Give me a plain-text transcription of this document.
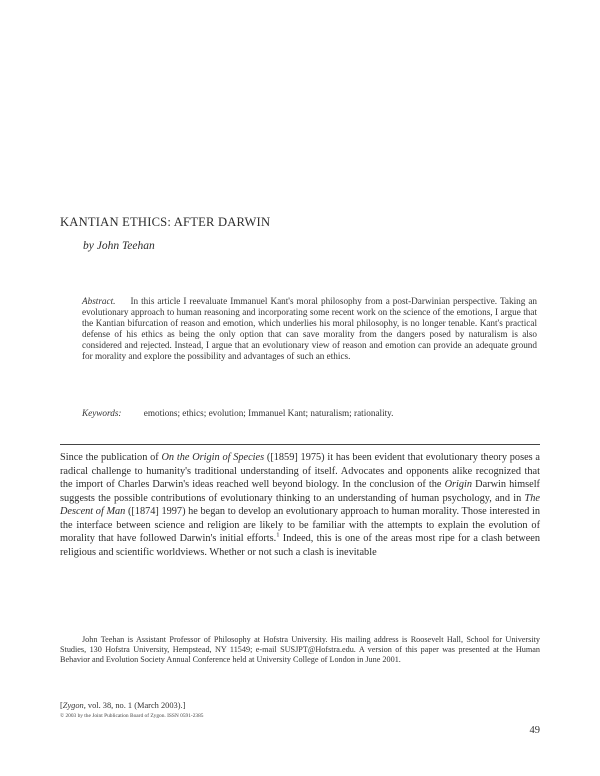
KANTIAN ETHICS: AFTER DARWIN
by John Teehan
Abstract. In this article I reevaluate Immanuel Kant's moral philosophy from a post-Darwinian perspective. Taking an evolutionary approach to human reasoning and incorporating some recent work on the science of the emotions, I argue that the Kantian bifurcation of reason and emotion, which underlies his moral philosophy, is no longer tenable. Kant's practical defense of his ethics as being the only option that can save morality from the dangers posed by naturalism is also considered and rejected. Instead, I argue that an evolutionary view of reason and emotion can provide an adequate ground for morality and explore the possibility and advantages of such an ethics.
Keywords: emotions; ethics; evolution; Immanuel Kant; naturalism; rationality.

Since the publication of On the Origin of Species ([1859] 1975) it has been evident that evolutionary theory poses a radical challenge to humanity's traditional understanding of itself. Advocates and opponents alike recognized that the import of Charles Darwin's ideas reached well beyond biology. In the conclusion of the Origin Darwin himself suggests the possible contributions of evolutionary thinking to an understanding of human psychology, and in The Descent of Man ([1874] 1997) he began to develop an evolutionary approach to human morality. Those interested in the interface between science and religion are likely to be familiar with the attempts to explain the evolution of morality that have followed Darwin's initial efforts.$^1$ Indeed, this is one of the areas most ripe for a clash between religious and scientific worldviews. Whether or not such a clash is inevitable

John Teehan is Assistant Professor of Philosophy at Hofstra University. His mailing address is Roosevelt Hall, School for University Studies, 130 Hofstra University, Hempstead, NY 11549; e-mail SUSJPT@Hofstra.edu. A version of this paper was presented at the Human Behavior and Evolution Society Annual Conference held at University College of London in June 2001.

[Zygon, vol. 38, no. 1 (March 2003).]
© 2003 by the Joint Publication Board of Zygon. ISSN 0591-2385
49
